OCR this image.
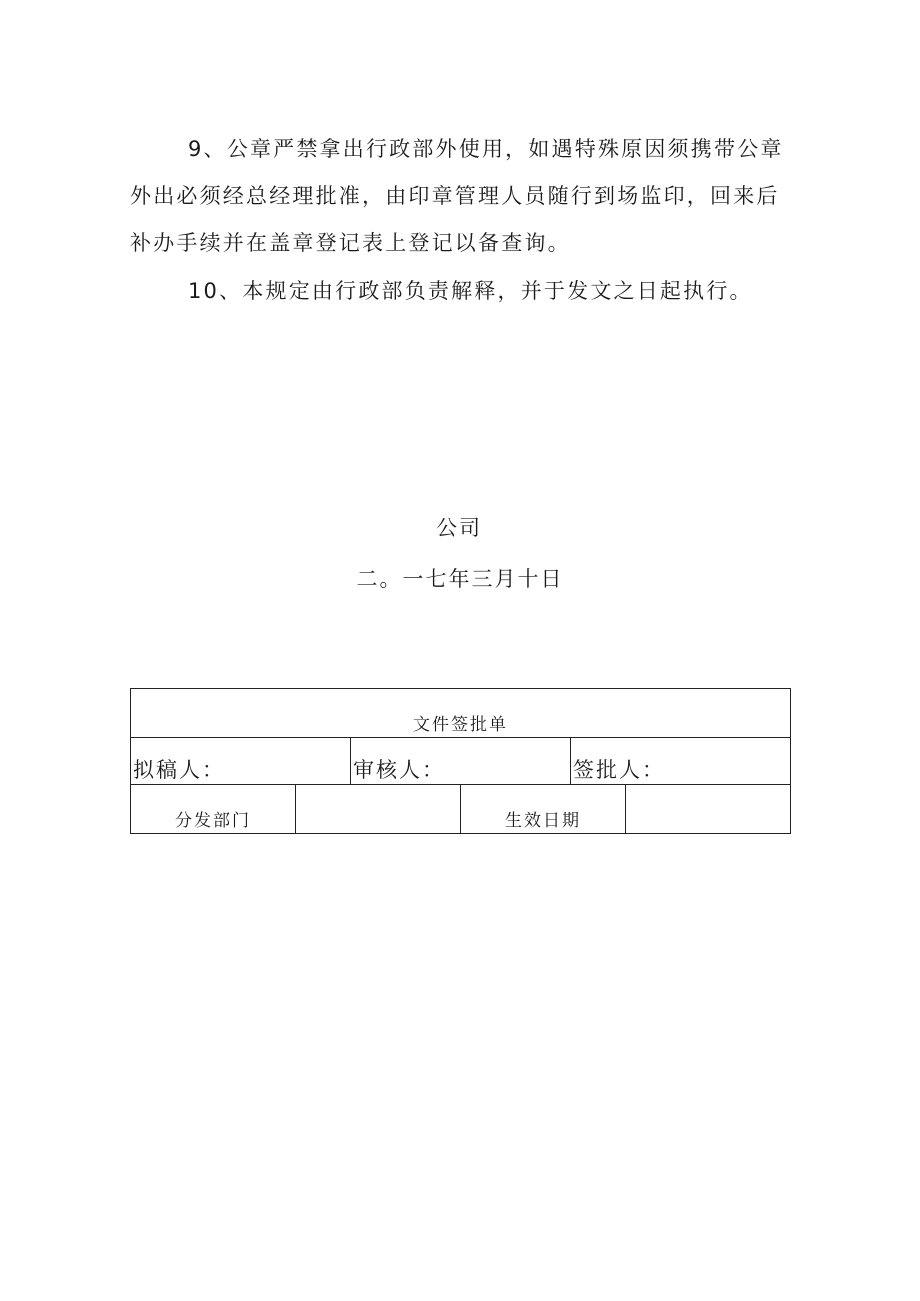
9、公章严禁拿出行政部外使用，如遇特殊原因须携带公章外出必须经总经理批准，由印章管理人员随行到场监印，回来后补办手续并在盖章登记表上登记以备查询。

10、本规定由行政部负责解释，并于发文之日起执行。

公司
二。一七年三月十日
文件签批单					
拟稿人：		审核人：		签批人：	
分发部门			生效日期		
